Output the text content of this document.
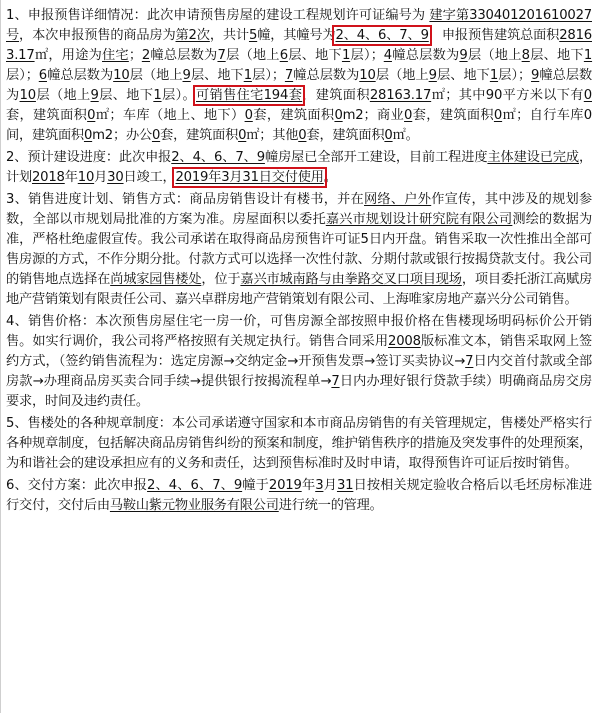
1、申报预售详细情况：此次申请预售房屋的建设工程规划许可证编号为 建字第330401201610027号，本次申报预售的商品房为第2次，共计5幢，其幢号为2、4、6、7、9，申报预售建筑总面积28163.17㎡，用途为住宅；2幢总层数为7层（地上6层、地下1层）；4幢总层数为9层（地上8层、地下1层）；6幢总层数为10层（地上9层、地下1层）；7幢总层数为10层（地上9层、地下1层）；9幢总层数为10层（地上9层、地下1层）。可销售住宅194套，建筑面积28163.17㎡；其中90平方米以下有0套，建筑面积0㎡；车库（地上、地下）0套，建筑面积0m2；商业0套，建筑面积0㎡；自行车库0间，建筑面积0m2；办公0套，建筑面积0㎡；其他0套，建筑面积0㎡。

2、预计建设进度：此次申报2、4、6、7、9幢房屋已全部开工建设，目前工程进度主体建设已完成，计划2018年10月30日竣工，2019年3月31日交付使用。

3、销售进度计划、销售方式：商品房销售设计有楼书，并在网络、户外作宣传，其中涉及的规划参数，全部以市规划局批准的方案为准。房屋面积以委托嘉兴市规划设计研究院有限公司测绘的数据为准，严格杜绝虚假宣传。我公司承诺在取得商品房预售许可证5日内开盘。销售采取一次性推出全部可售房源的方式，不作分期分批。付款方式可以选择一次性付款、分期付款或银行按揭贷款支付。我公司的销售地点选择在尚城家园售楼处，位于嘉兴市城南路与由拳路交叉口项目现场，项目委托浙江高赋房地产营销策划有限责任公司、嘉兴卓群房地产营销策划有限公司、上海唯家房地产嘉兴分公司销售。

4、销售价格：本次预售房屋住宅一房一价，可售房源全部按照申报价格在售楼现场明码标价公开销售。如实行调价，我公司将严格按照有关规定执行。销售合同采用2008版标准文本，销售采取网上签约方式，（签约销售流程为：选定房源→交纳定金→开预售发票→签订买卖协议→7日内交首付款或全部房款→办理商品房买卖合同手续→提供银行按揭流程单→7日内办理好银行贷款手续）明确商品房交房要求，时间及违约责任。

5、售楼处的各种规章制度：本公司承诺遵守国家和本市商品房销售的有关管理规定，售楼处严格实行各种规章制度，包括解决商品房销售纠纷的预案和制度，维护销售秩序的措施及突发事件的处理预案，为和谐社会的建设承担应有的义务和责任，达到预售标准时及时申请，取得预售许可证后按时销售。

6、交付方案：此次申报2、4、6、7、9幢于2019年3月31日按相关规定验收合格后以毛坯房标准进行交付，交付后由马鞍山紫元物业服务有限公司进行统一的管理。
